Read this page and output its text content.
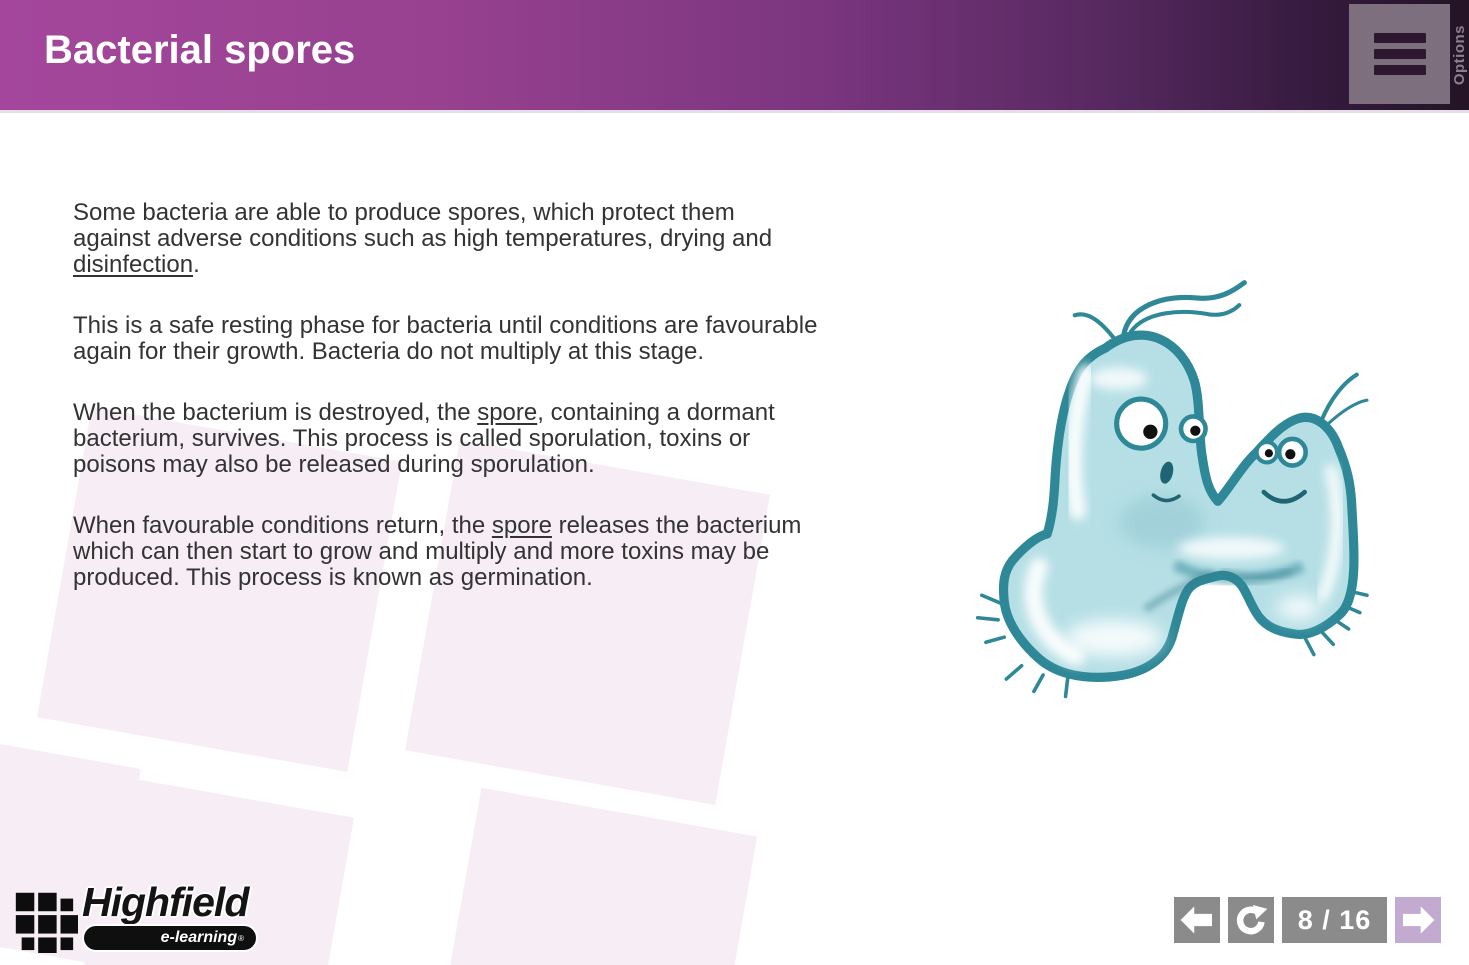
Bacterial spores	Options

Some bacteria are able to produce spores, which protect them against adverse conditions such as high temperatures, drying and disinfection.

This is a safe resting phase for bacteria until conditions are favourable again for their growth. Bacteria do not multiply at this stage.

When the bacterium is destroyed, the spore, containing a dormant bacterium, survives. This process is called sporulation, toxins or poisons may also be released during sporulation.

When favourable conditions return, the spore releases the bacterium which can then start to grow and multiply and more toxins may be produced. This process is known as germination.

Highfield
e-learning ®
8 / 16
